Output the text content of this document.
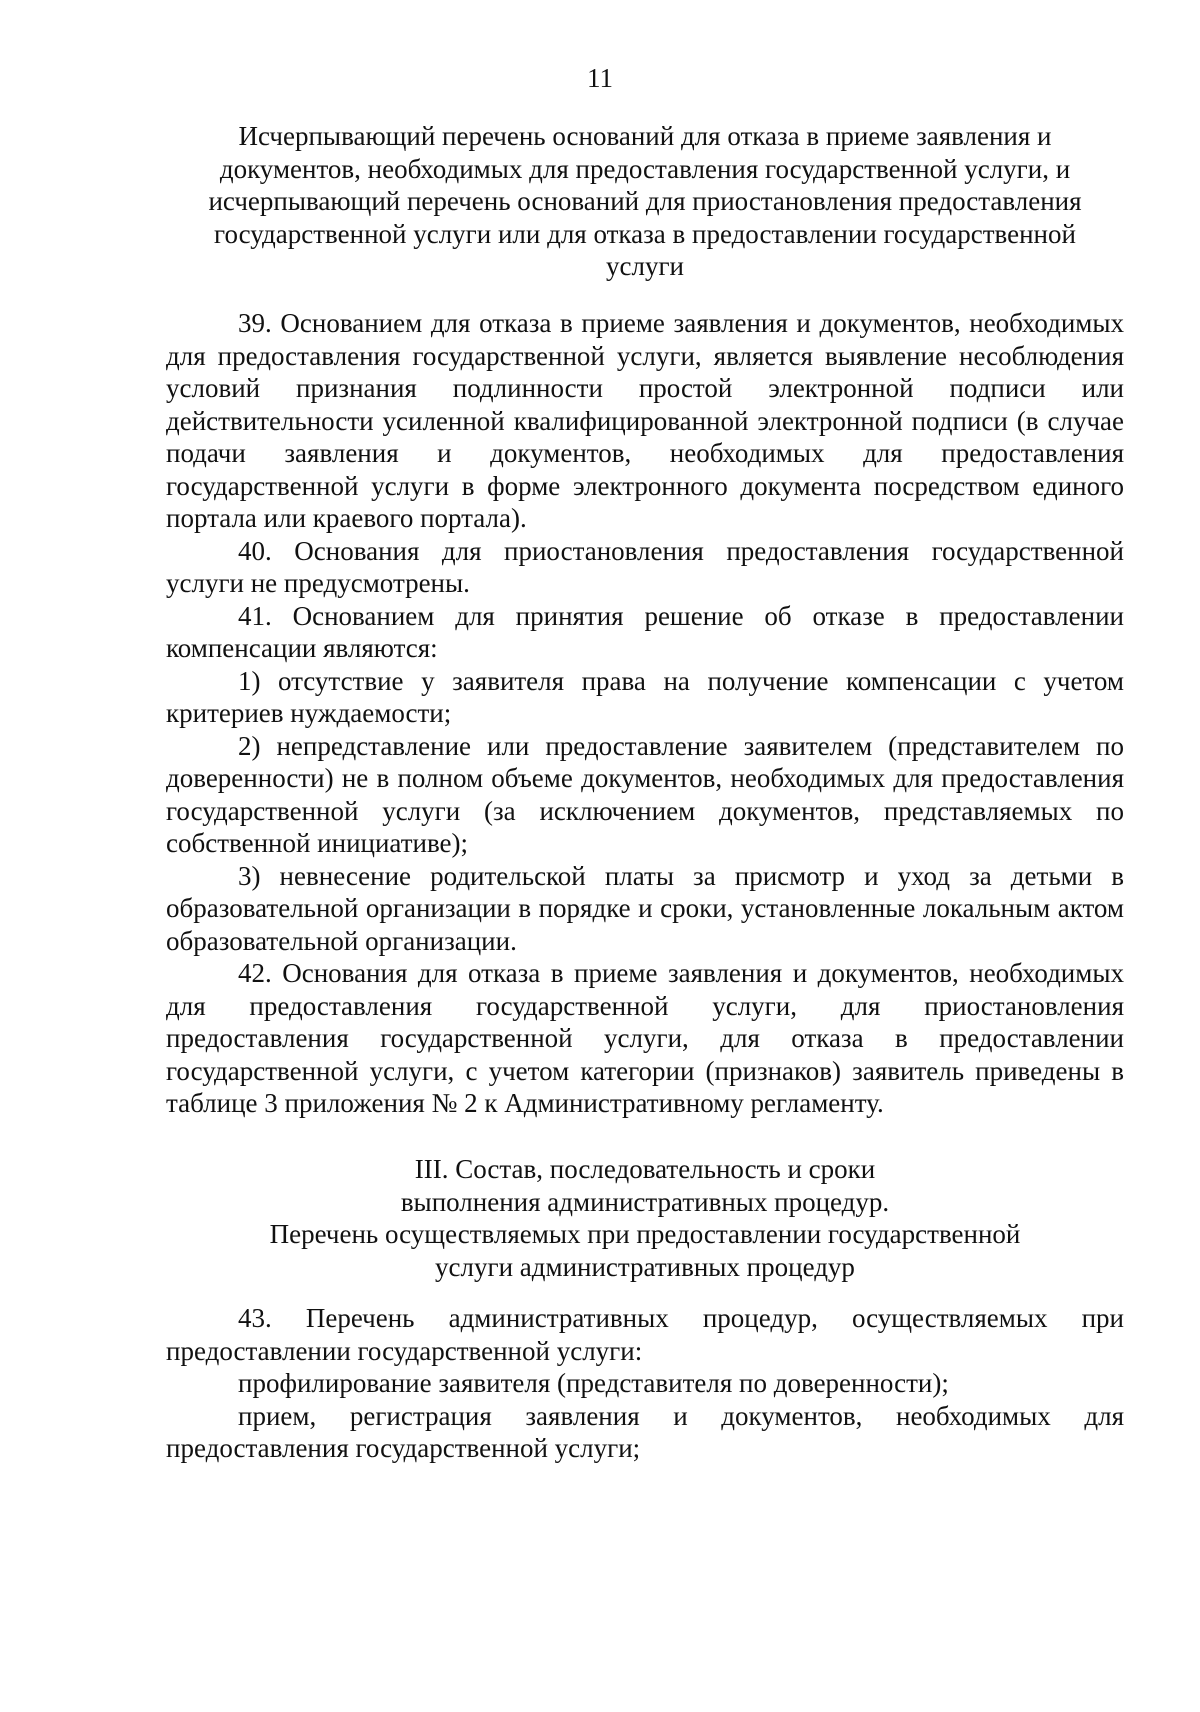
11
Исчерпывающий перечень оснований для отказа в приеме заявления и
документов, необходимых для предоставления государственной услуги, и
исчерпывающий перечень оснований для приостановления предоставления
государственной услуги или для отказа в предоставлении государственной
услуги

39. Основанием для отказа в приеме заявления и документов, необходимых для предоставления государственной услуги, является выявление несоблюдения условий признания подлинности простой электронной подписи или действительности усиленной квалифицированной электронной подписи (в случае подачи заявления и документов, необходимых для предоставления государственной услуги в форме электронного документа посредством единого портала или краевого портала).

40. Основания для приостановления предоставления государственной услуги не предусмотрены.

41. Основанием для принятия решение об отказе в предоставлении компенсации являются:

1) отсутствие у заявителя права на получение компенсации с учетом критериев нуждаемости;

2) непредставление или предоставление заявителем (представителем по доверенности) не в полном объеме документов, необходимых для предоставления государственной услуги (за исключением документов, представляемых по собственной инициативе);

3) невнесение родительской платы за присмотр и уход за детьми в образовательной организации в порядке и сроки, установленные локальным актом образовательной организации.

42. Основания для отказа в приеме заявления и документов, необходимых для предоставления государственной услуги, для приостановления предоставления государственной услуги, для отказа в предоставлении государственной услуги, с учетом категории (признаков) заявитель приведены в таблице 3 приложения № 2 к Административному регламенту.

III. Состав, последовательность и сроки
выполнения административных процедур.
Перечень осуществляемых при предоставлении государственной
услуги административных процедур

43. Перечень административных процедур, осуществляемых при предоставлении государственной услуги:

профилирование заявителя (представителя по доверенности);

прием, регистрация заявления и документов, необходимых для предоставления государственной услуги;
